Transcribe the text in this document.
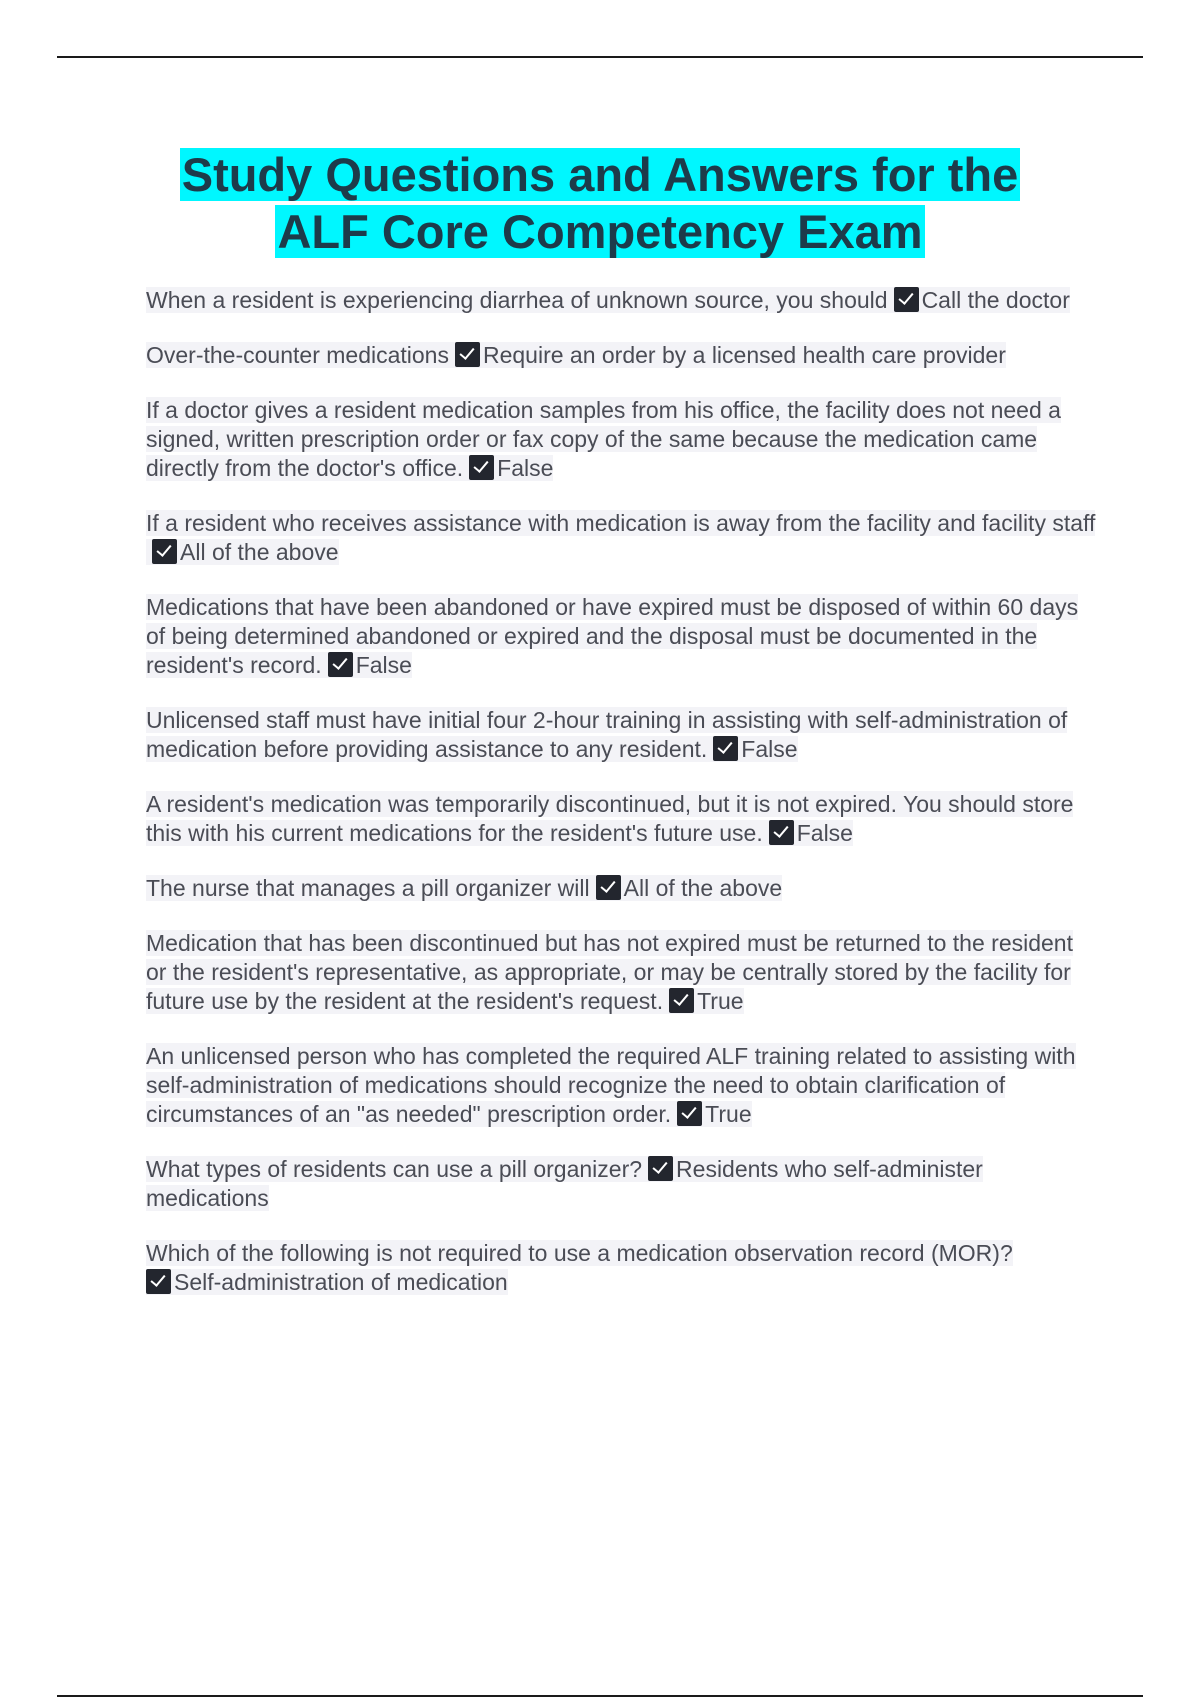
Study Questions and Answers for the
ALF Core Competency Exam

When a resident is experiencing diarrhea of unknown source, you should Call the doctor

Over-the-counter medications Require an order by a licensed health care provider

If a doctor gives a resident medication samples from his office, the facility does not need a signed, written prescription order or fax copy of the same because the medication came directly from the doctor's office. False

If a resident who receives assistance with medication is away from the facility and facility staffAll of the above

Medications that have been abandoned or have expired must be disposed of within 60 days of being determined abandoned or expired and the disposal must be documented in the resident's record. False

Unlicensed staff must have initial four 2-hour training in assisting with self-administration of medication before providing assistance to any resident. False

A resident's medication was temporarily discontinued, but it is not expired. You should store this with his current medications for the resident's future use. False

The nurse that manages a pill organizer will All of the above

Medication that has been discontinued but has not expired must be returned to the resident or the resident's representative, as appropriate, or may be centrally stored by the facility for future use by the resident at the resident's request. True

An unlicensed person who has completed the required ALF training related to assisting with self-administration of medications should recognize the need to obtain clarification of circumstances of an "as needed" prescription order. True

What types of residents can use a pill organizer? Residents who self-administer medications

Which of the following is not required to use a medication observation record (MOR)?
Self-administration of medication
